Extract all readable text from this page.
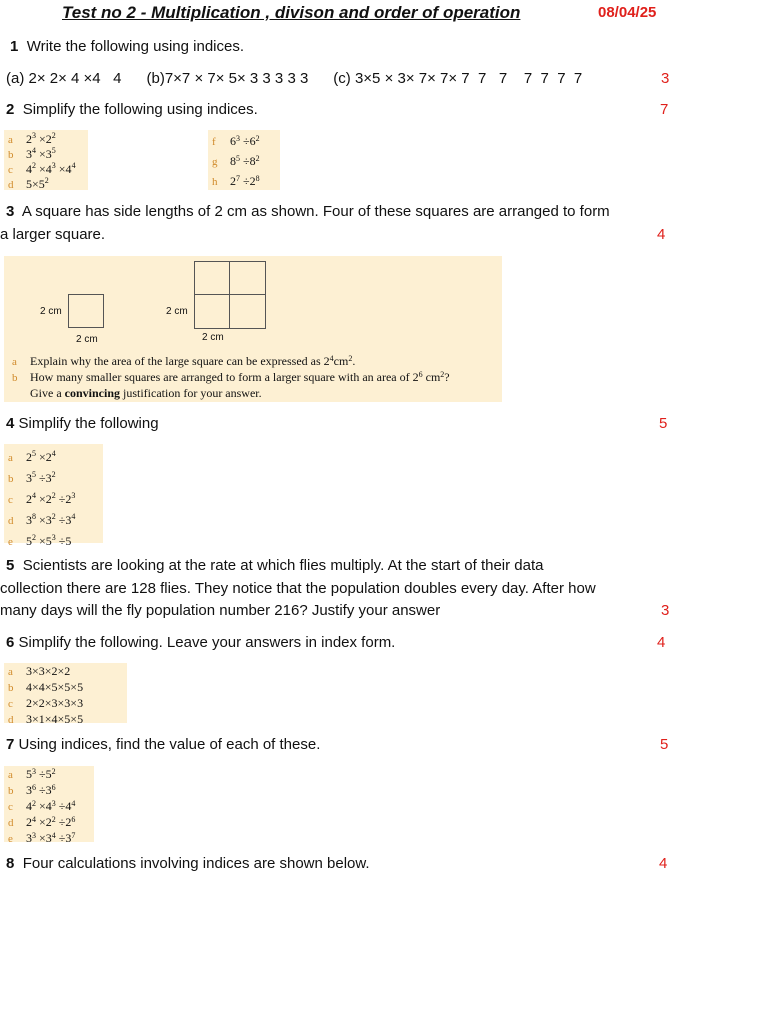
Test no 2 - Multiplication , divison and order of operation	08/04/25
1 Write the following using indices.
(a) 2× 2× 4 ×4   4      (b)7×7 × 7× 5× 3 3 3 3 3      (c) 3×5 × 3× 7× 7× 7  7   7    7  7  7  7	3
2 Simplify the following using indices.	7
a $2^3 \times 2^2$
b $3^4 \times 3^5$
c $4^2 \times 4^3 \times 4^4$
d $5\times 5^2$
f $6^3 \div 6^2$
g $8^5 \div 8^2$
h $2^7 \div 2^8$
3 A square has side lengths of 2 cm as shown. Four of these squares are arranged to form
a larger square.	4
2 cm
2 cm
2 cm
2 cm
a Explain why the area of the large square can be expressed as $2^4cm^2$.
b How many smaller squares are arranged to form a larger square with an area of $2^6$ $cm^2$?
Give a convincing justification for your answer.
4 Simplify the following	5
a $2^5 \times 2^4$
b $3^5 \div 3^2$
c $2^4 \times 2^2 \div 2^3$
d $3^8 \times 3^2 \div 3^4$
e $5^2 \times 5^3 \div 5$
5 Scientists are looking at the rate at which flies multiply. At the start of their data
collection there are 128 flies. They notice that the population doubles every day. After how
many days will the fly population number 216? Justify your answer	3
6 Simplify the following. Leave your answers in index form.	4
a 3×3×2×2
b 4×4×5×5×5
c 2×2×3×3×3
d 3×1×4×5×5
7 Using indices, find the value of each of these.	5
a $5^3 \div 5^2$
b $3^6 \div 3^6$
c $4^2 \times 4^3 \div 4^4$
d $2^4 \times 2^2 \div 2^6$
e $3^3 \times 3^4 \div 3^7$
8 Four calculations involving indices are shown below.	4
